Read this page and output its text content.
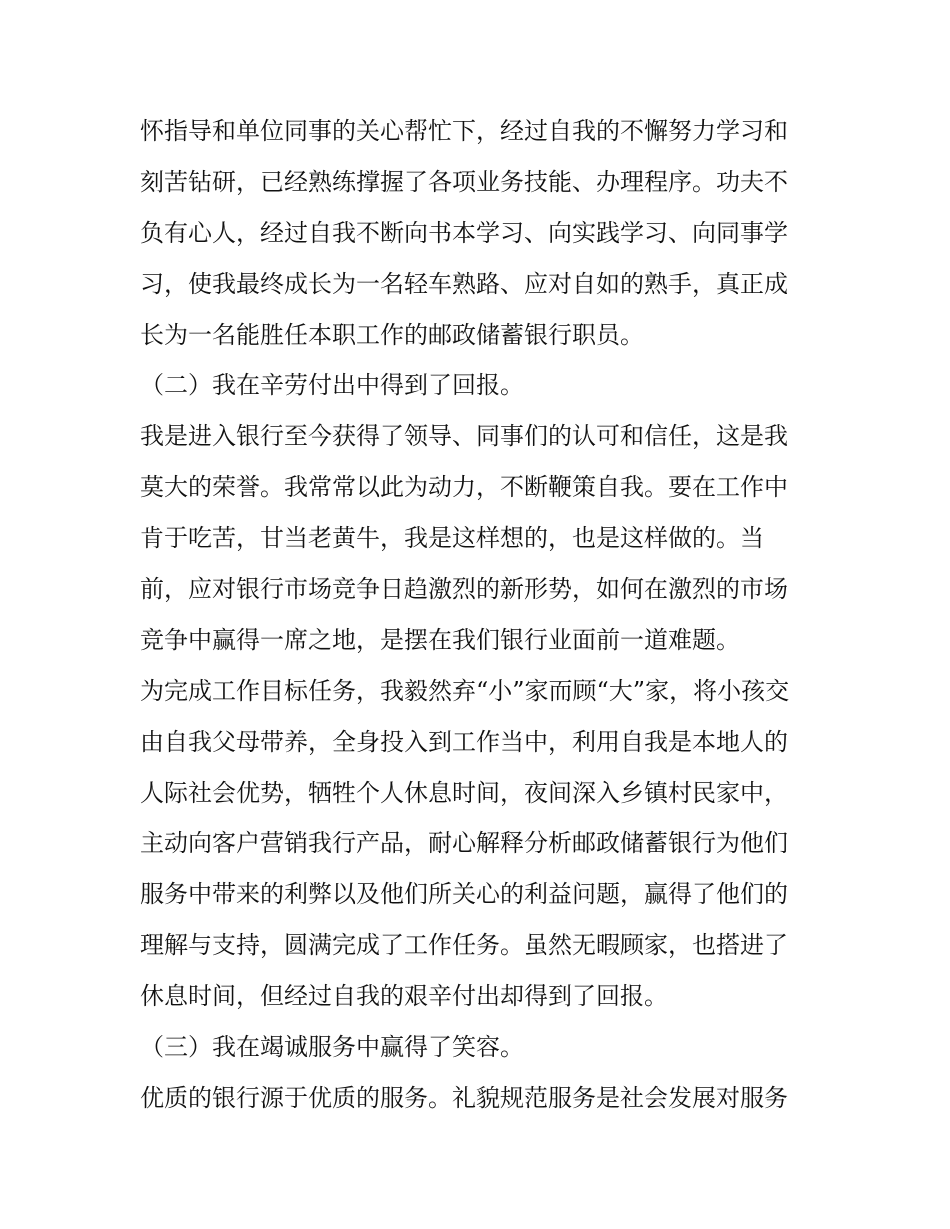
怀指导和单位同事的关心帮忙下，经过自我的不懈努力学习和
刻苦钻研，已经熟练撑握了各项业务技能、办理程序。功夫不
负有心人，经过自我不断向书本学习、向实践学习、向同事学
习，使我最终成长为一名轻车熟路、应对自如的熟手，真正成
长为一名能胜任本职工作的邮政储蓄银行职员。
（二）我在辛劳付出中得到了回报。
我是进入银行至今获得了领导、同事们的认可和信任，这是我
莫大的荣誉。我常常以此为动力，不断鞭策自我。要在工作中
肯于吃苦，甘当老黄牛，我是这样想的，也是这样做的。当
前，应对银行市场竞争日趋激烈的新形势，如何在激烈的市场
竞争中赢得一席之地，是摆在我们银行业面前一道难题。
为完成工作目标任务，我毅然弃“小”家而顾“大”家，将小孩交
由自我父母带养，全身投入到工作当中，利用自我是本地人的
人际社会优势，牺牲个人休息时间，夜间深入乡镇村民家中，
主动向客户营销我行产品，耐心解释分析邮政储蓄银行为他们
服务中带来的利弊以及他们所关心的利益问题，赢得了他们的
理解与支持，圆满完成了工作任务。虽然无暇顾家，也搭进了
休息时间，但经过自我的艰辛付出却得到了回报。
（三）我在竭诚服务中赢得了笑容。
优质的银行源于优质的服务。礼貌规范服务是社会发展对服务
